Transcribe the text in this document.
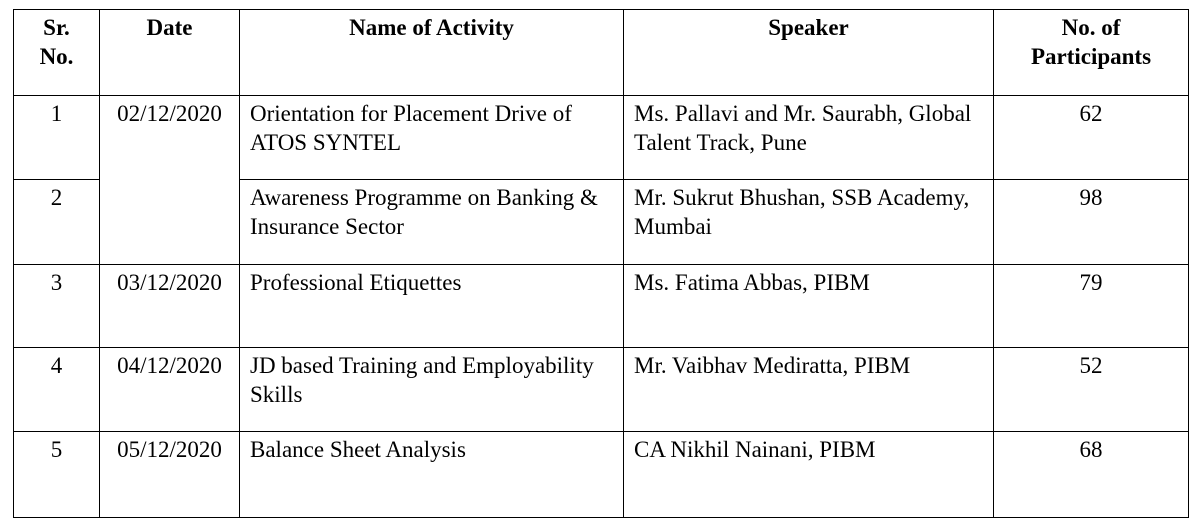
Sr. No.	Date	Name of Activity	Speaker	No. of Participants
1	02/12/2020	Orientation for Placement Drive of ATOS SYNTEL	Ms. Pallavi and Mr. Saurabh, Global Talent Track, Pune	62
2		Awareness Programme on Banking & Insurance Sector	Mr. Sukrut Bhushan, SSB Academy, Mumbai	98
3	03/12/2020	Professional Etiquettes	Ms. Fatima Abbas, PIBM	79
4	04/12/2020	JD based Training and Employability Skills	Mr. Vaibhav Mediratta, PIBM	52
5	05/12/2020	Balance Sheet Analysis	CA Nikhil Nainani, PIBM	68
